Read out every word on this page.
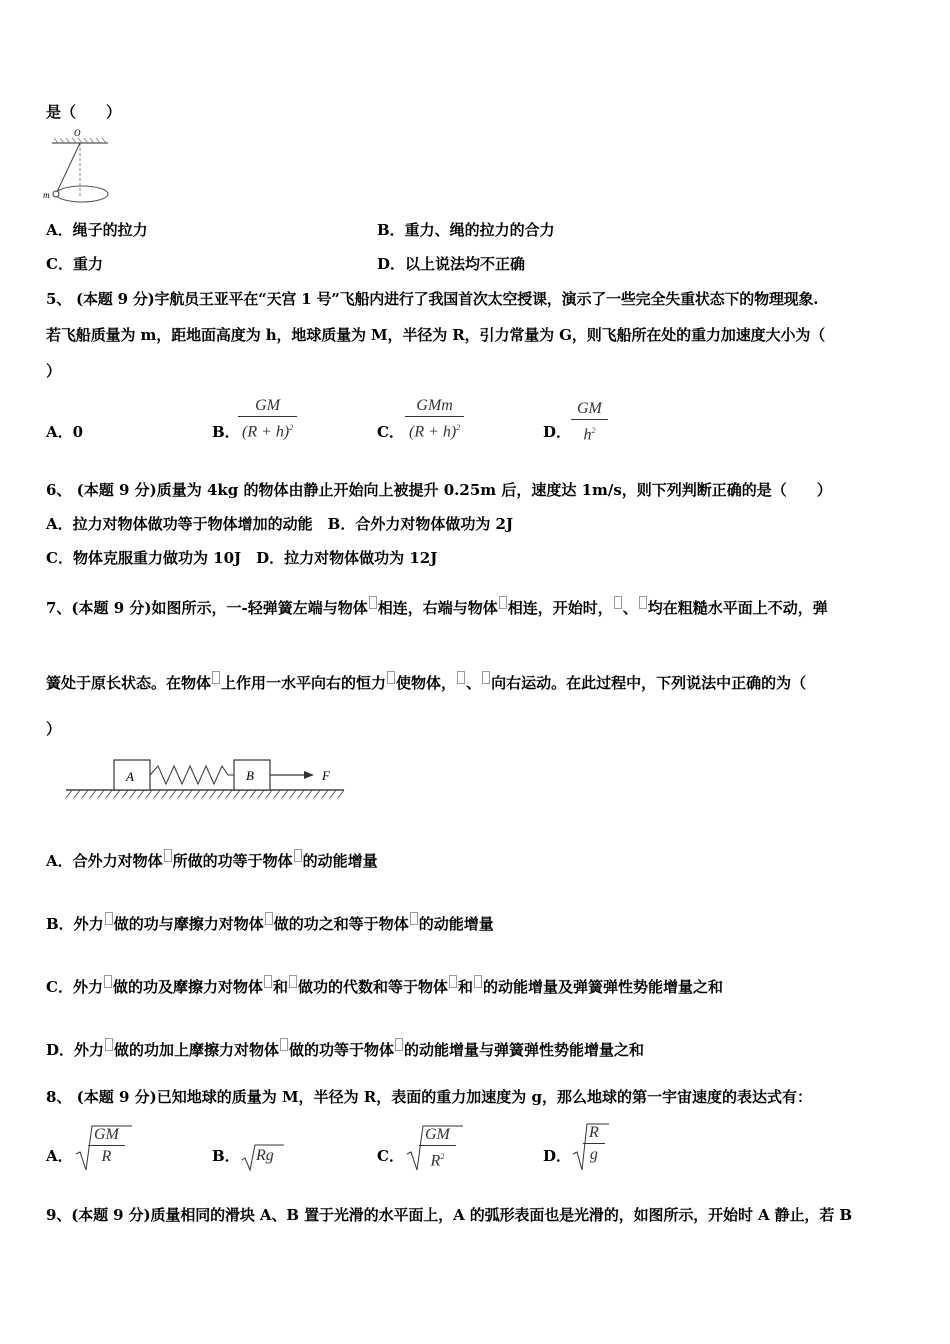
是（　　）
O
m
A．绳子的拉力	B．重力、绳的拉力的合力
C．重力	D．以上说法均不正确
5、 (本题 9 分)宇航员王亚平在“天宫 1 号”飞船内进行了我国首次太空授课，演示了一些完全失重状态下的物理现象.
若飞船质量为 m，距地面高度为 h，地球质量为 M，半径为 R，引力常量为 G，则飞船所在处的重力加速度大小为（
）
A．0	B．
$\frac{GM}{(R + h)^2}$	C．
GMm
$(R + h)^2$	D． $\frac{GM}{h^2}$
6、 (本题 9 分)质量为 4kg 的物体由静止开始向上被提升 0.25m 后，速度达 1m/s，则下列判断正确的是（　　）
A．拉力对物体做功等于物体增加的动能　B．合外力对物体做功为 2J
C．物体克服重力做功为 10J　D．拉力对物体做功为 12J
7、(本题 9 分)如图所示，一-轻弹簧左端与物体 相连，右端与物体 相连，开始时， 、 均在粗糙水平面上不动，弹
簧处于原长状态。在物体 上作用一水平向右的恒力 使物体， 、 向右运动。在此过程中，下列说法中正确的为（
）
A	B	F
A．合外力对物体 所做的功等于物体 的动能增量
B．外力 做的功与摩擦力对物体 做的功之和等于物体 的动能增量
C．外力 做的功及摩擦力对物体 和 做功的代数和等于物体 和 的动能增量及弹簧弹性势能增量之和
D．外力 做的功加上摩擦力对物体 做的功等于物体 的动能增量与弹簧弹性势能增量之和
8、 (本题 9 分)已知地球的质量为 M，半径为 R，表面的重力加速度为 g，那么地球的第一宇宙速度的表达式有：
A． $\frac{GM}{R}$	B． Rg	C． $\frac{GM}{R^2}$	D． $\frac{R}{g}$
9、(本题 9 分)质量相同的滑块 A、B 置于光滑的水平面上，A 的弧形表面也是光滑的，如图所示，开始时 A 静止，若 B
